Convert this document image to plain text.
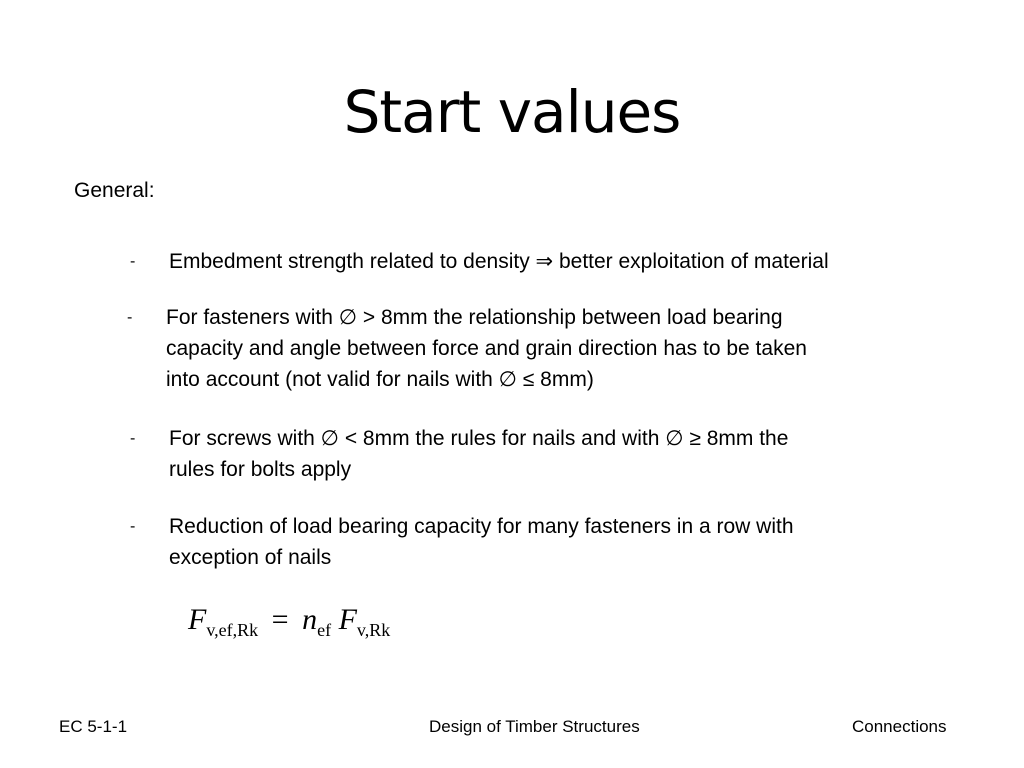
Start values
General:
- Embedment strength related to density ⇒ better exploitation of material
- For fasteners with ∅ > 8mm the relationship between load bearing
capacity and angle between force and grain direction has to be taken
into account (not valid for nails with ∅ ≤ 8mm)
- For screws with ∅ < 8mm the rules for nails and with ∅ ≥ 8mm the
rules for bolts apply
- Reduction of load bearing capacity for many fasteners in a row with
exception of nails
$F_{v,ef,Rk} = n_{ef}$ $F_{v,Rk}$
EC 5-1-1	Design of Timber Structures	Connections
